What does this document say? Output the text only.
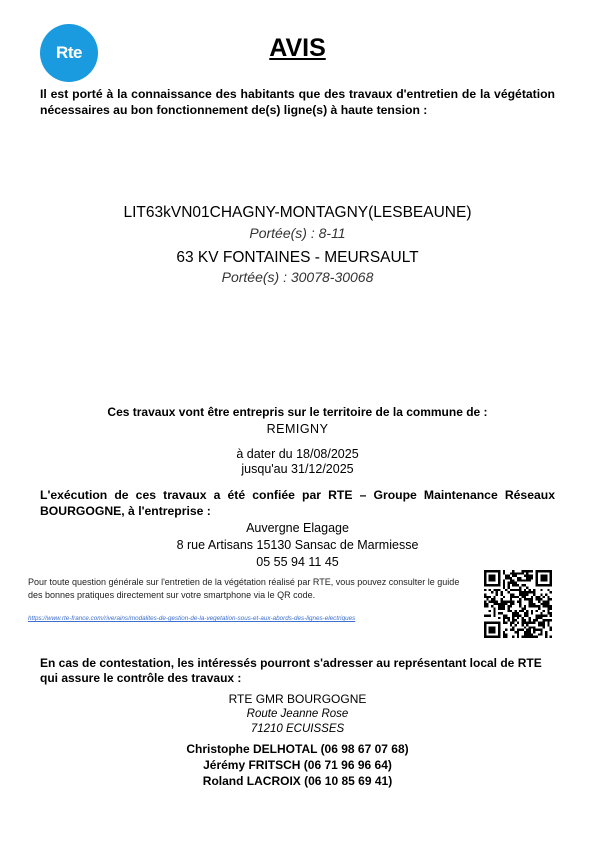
Rte	AVIS
Il est porté à la connaissance des habitants que des travaux d'entretien de la végétation nécessaires au bon fonctionnement de(s) ligne(s) à haute tension :
LIT63kVN01CHAGNY-MONTAGNY(LESBEAUNE)
Portée(s) : 8-11
63 KV FONTAINES - MEURSAULT
Portée(s) : 30078-30068
Ces travaux vont être entrepris sur le territoire de la commune de :
REMIGNY
à dater du 18/08/2025
jusqu'au 31/12/2025
L'exécution de ces travaux a été confiée par RTE – Groupe Maintenance Réseaux BOURGOGNE, à l'entreprise :
Auvergne Elagage
8 rue Artisans 15130 Sansac de Marmiesse
05 55 94 11 45
Pour toute question générale sur l'entretien de la végétation réalisé par RTE, vous pouvez consulter le guide des bonnes pratiques directement sur votre smartphone via le QR code.
https://www.rte-france.com/riverains/modalites-de-gestion-de-la-vegetation-sous-et-aux-abords-des-lignes-electriques
En cas de contestation, les intéressés pourront s'adresser au représentant local de RTE qui assure le contrôle des travaux :
RTE GMR BOURGOGNE
Route Jeanne Rose
71210 ECUISSES
Christophe DELHOTAL (06 98 67 07 68)
Jérémy FRITSCH (06 71 96 96 64)
Roland LACROIX (06 10 85 69 41)
